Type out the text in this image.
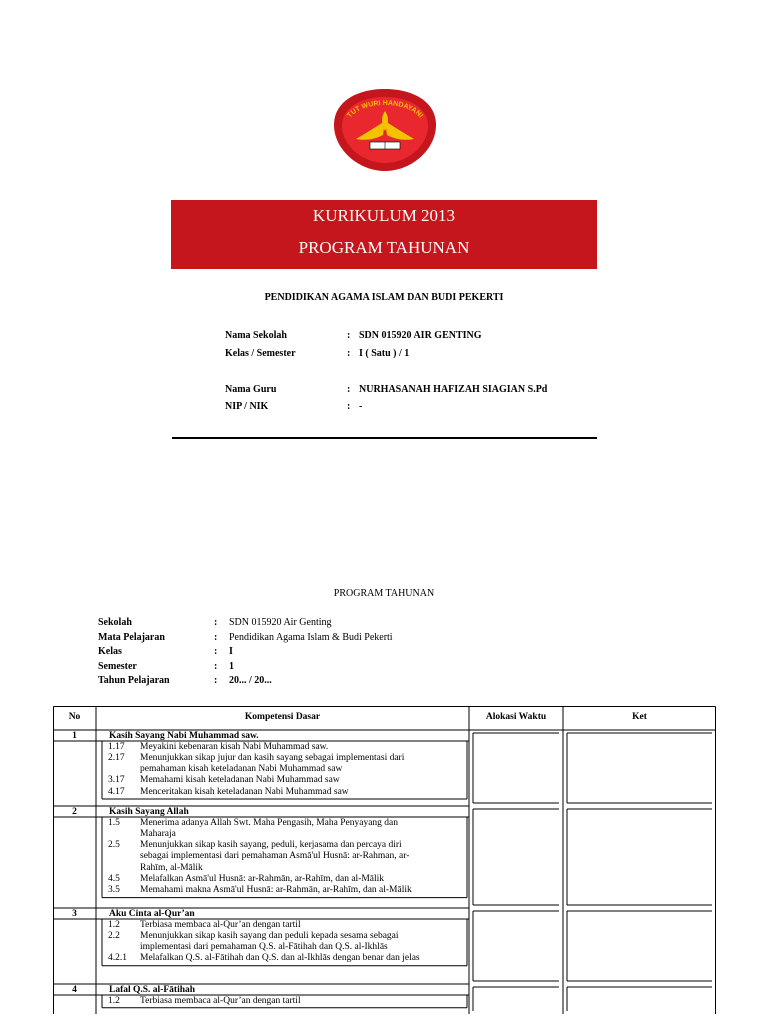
TUT WURI HANDAYANI
KURIKULUM 2013
PROGRAM TAHUNAN
PENDIDIKAN AGAMA ISLAM DAN BUDI PEKERTI
Nama Sekolah	: SDN 015920 AIR GENTING
Kelas / Semester	: I ( Satu ) / 1
Nama Guru	: NURHASANAH HAFIZAH SIAGIAN S.Pd
NIP / NIK	: -
PROGRAM TAHUNAN
Sekolah	: SDN 015920 Air Genting
Mata Pelajaran	: Pendidikan Agama Islam & Budi Pekerti
Kelas	: I
Semester	: 1
Tahun Pelajaran	: 20... / 20...
No	Kompetensi Dasar	Alokasi Waktu	Ket
1	Kasih Sayang Nabi Muhammad saw.
1.17 Meyakini kebenaran kisah Nabi Muhammad saw.
2.17 Menunjukkan sikap jujur dan kasih sayang sebagai implementasi dari
pemahaman kisah keteladanan Nabi Muhammad saw
3.17 Memahami kisah keteladanan Nabi Muhammad saw
4.17 Menceritakan kisah keteladanan Nabi Muhammad saw
2	Kasih Sayang Allah
1.5 Menerima adanya Allah Swt. Maha Pengasih, Maha Penyayang dan
Maharaja
2.5 Menunjukkan sikap kasih sayang, peduli, kerjasama dan percaya diri
sebagai implementasi dari pemahaman Asmā'ul Husnā: ar-Rahman, ar-
Rahīm, al-Mālik
4.5 Melafalkan Asmā'ul Husnā: ar-Rahmān, ar-Rahīm, dan al-Mālik
3.5 Memahami makna Asmā'ul Husnā: ar-Rahmān, ar-Rahīm, dan al-Mālik
3	Aku Cinta al-Qur’an
1.2 Terbiasa membaca al-Qur’an dengan tartil
2.2 Menunjukkan sikap kasih sayang dan peduli kepada sesama sebagai
implementasi dari pemahaman Q.S. al-Fātihah dan Q.S. al-Ikhlās
4.2.1 Melafalkan Q.S. al-Fātihah dan Q.S. dan al-Ikhlās dengan benar dan jelas
4	Lafal Q.S. al-Fātihah
1.2 Terbiasa membaca al-Qur’an dengan tartil
